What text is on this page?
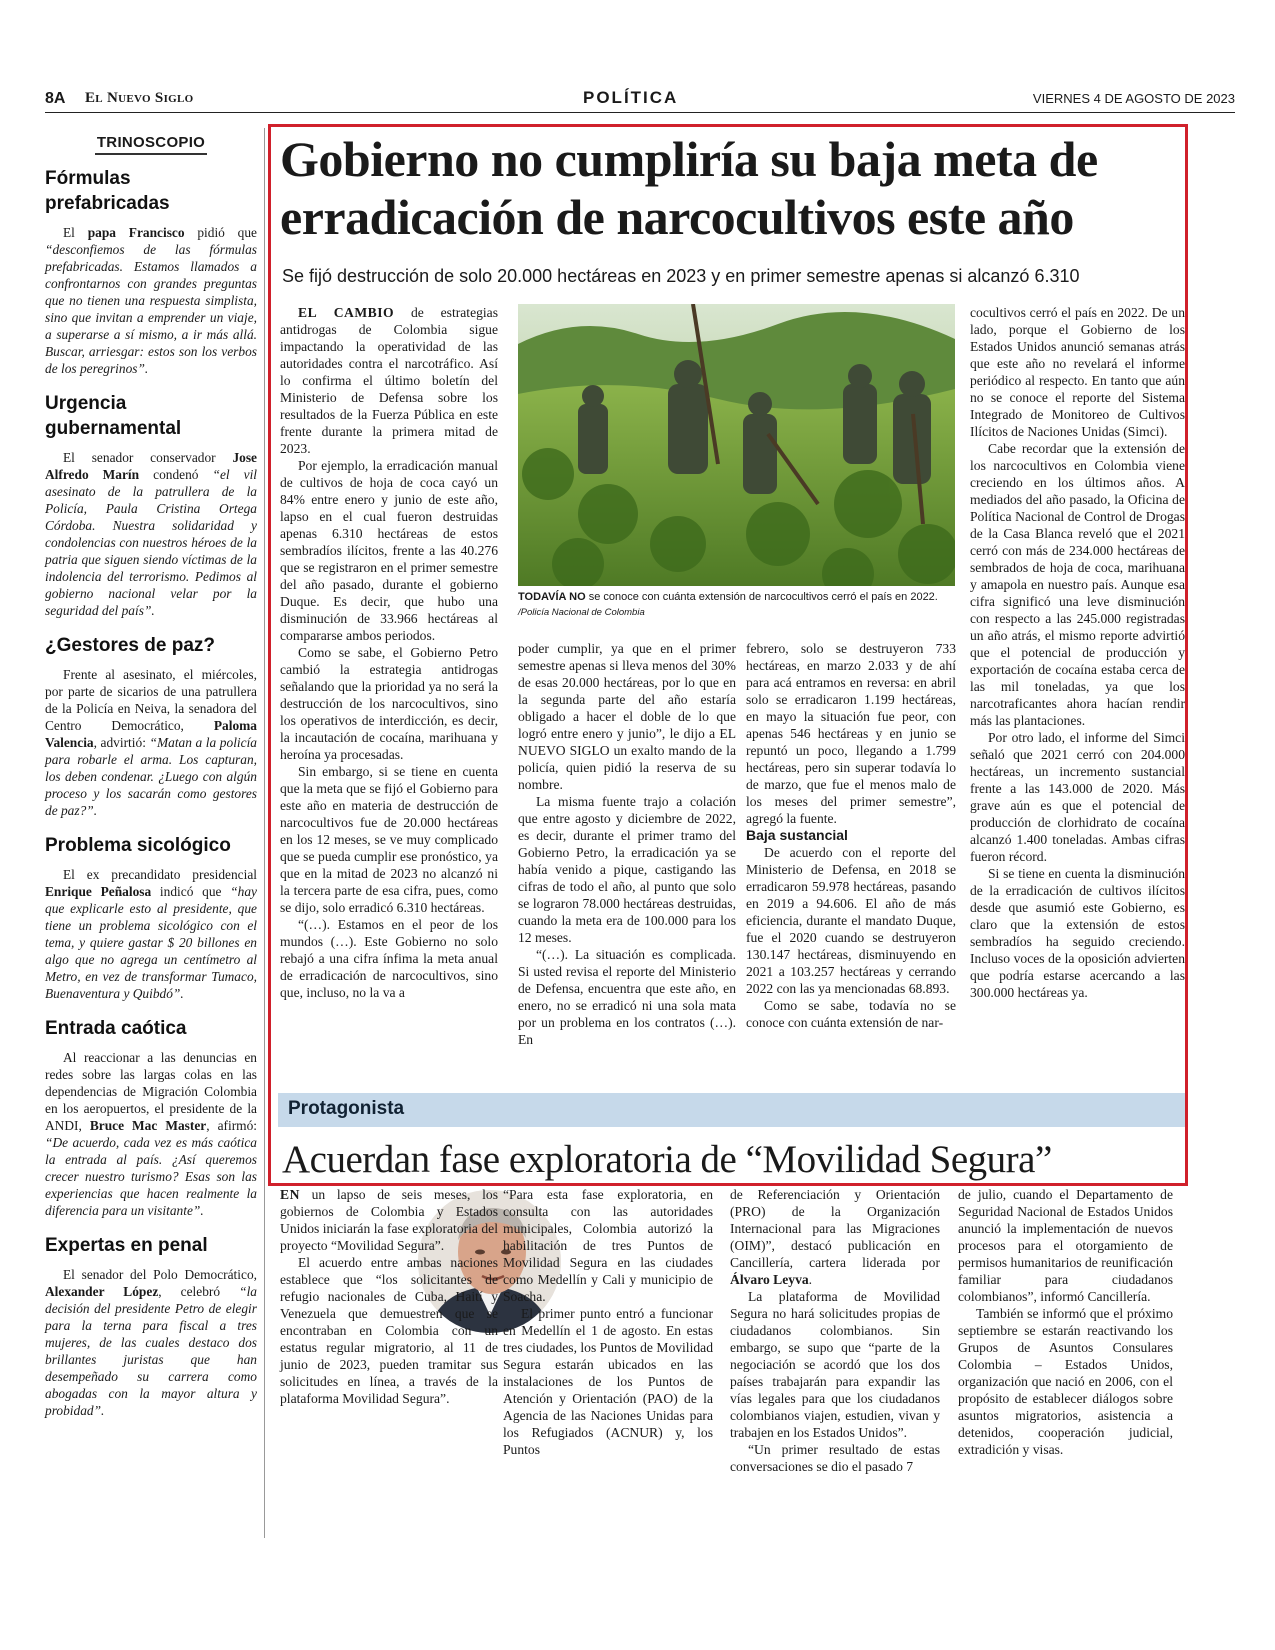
8A El Nuevo Siglo	POLÍTICA	VIERNES 4 DE AGOSTO DE 2023
TRINOSCOPIO
Fórmulas prefabricadas

El papa Francisco pidió que “desconfiemos de las fórmulas prefabricadas. Estamos llamados a confrontarnos con grandes preguntas que no tienen una respuesta simplista, sino que invitan a emprender un viaje, a superarse a sí mismo, a ir más allá. Buscar, arriesgar: estos son los verbos de los peregrinos”.

Urgencia gubernamental

El senador conservador Jose Alfredo Marín condenó “el vil asesinato de la patrullera de la Policía, Paula Cristina Ortega Córdoba. Nuestra solidaridad y condolencias con nuestros héroes de la patria que siguen siendo víctimas de la indolencia del terrorismo. Pedimos al gobierno nacional velar por la seguridad del país”.

¿Gestores de paz?

Frente al asesinato, el miércoles, por parte de sicarios de una patrullera de la Policía en Neiva, la senadora del Centro Democrático, Paloma Valencia, advirtió: “Matan a la policía para robarle el arma. Los capturan, los deben condenar. ¿Luego con algún proceso y los sacarán como gestores de paz?”.

Problema sicológico

El ex precandidato presidencial Enrique Peñalosa indicó que “hay que explicarle esto al presidente, que tiene un problema sicológico con el tema, y quiere gastar $ 20 billones en algo que no agrega un centímetro al Metro, en vez de transformar Tumaco, Buenaventura y Quibdó”.

Entrada caótica

Al reaccionar a las denuncias en redes sobre las largas colas en las dependencias de Migración Colombia en los aeropuertos, el presidente de la ANDI, Bruce Mac Master, afirmó: “De acuerdo, cada vez es más caótica la entrada al país. ¿Así queremos crecer nuestro turismo? Esas son las experiencias que hacen realmente la diferencia para un visitante”.

Expertas en penal

El senador del Polo Democrático, Alexander López, celebró “la decisión del presidente Petro de elegir para la terna para fiscal a tres mujeres, de las cuales destaco dos brillantes juristas que han desempeñado su carrera como abogadas con la mayor altura y probidad”.

Gobierno no cumpliría su baja meta de
erradicación de narcocultivos este año
Se fijó destrucción de solo 20.000 hectáreas en 2023 y en primer semestre apenas si alcanzó 6.310

EL CAMBIO de estrategias antidrogas de Colombia sigue impactando la operatividad de las autoridades contra el narcotráfico. Así lo confirma el último boletín del Ministerio de Defensa sobre los resultados de la Fuerza Pública en este frente durante la primera mitad de 2023.

Por ejemplo, la erradicación manual de cultivos de hoja de coca cayó un 84% entre enero y junio de este año, lapso en el cual fueron destruidas apenas 6.310 hectáreas de estos sembradíos ilícitos, frente a las 40.276 que se registraron en el primer semestre del año pasado, durante el gobierno Duque. Es decir, que hubo una disminución de 33.966 hectáreas al compararse ambos periodos.

Como se sabe, el Gobierno Petro cambió la estrategia antidrogas señalando que la prioridad ya no será la destrucción de los narcocultivos, sino los operativos de interdicción, es decir, la incautación de cocaína, marihuana y heroína ya procesadas.

Sin embargo, si se tiene en cuenta que la meta que se fijó el Gobierno para este año en materia de destrucción de narcocultivos fue de 20.000 hectáreas en los 12 meses, se ve muy complicado que se pueda cumplir ese pronóstico, ya que en la mitad de 2023 no alcanzó ni la tercera parte de esa cifra, pues, como se dijo, solo erradicó 6.310 hectáreas.

“(…). Estamos en el peor de los mundos (…). Este Gobierno no solo rebajó a una cifra ínfima la meta anual de erradicación de narcocultivos, sino que, incluso, no la va a

TODAVÍA NO se conoce con cuánta extensión de narcocultivos cerró el país en 2022. /Policía Nacional de Colombia

poder cumplir, ya que en el primer semestre apenas si lleva menos del 30% de esas 20.000 hectáreas, por lo que en la segunda parte del año estaría obligado a hacer el doble de lo que logró entre enero y junio”, le dijo a EL NUEVO SIGLO un exalto mando de la policía, quien pidió la reserva de su nombre.

La misma fuente trajo a colación que entre agosto y diciembre de 2022, es decir, durante el primer tramo del Gobierno Petro, la erradicación ya se había venido a pique, castigando las cifras de todo el año, al punto que solo se lograron 78.000 hectáreas destruidas, cuando la meta era de 100.000 para los 12 meses.

“(…). La situación es complicada. Si usted revisa el reporte del Ministerio de Defensa, encuentra que este año, en enero, no se erradicó ni una sola mata por un problema en los contratos (…). En

febrero, solo se destruyeron 733 hectáreas, en marzo 2.033 y de ahí para acá entramos en reversa: en abril solo se erradicaron 1.199 hectáreas, en mayo la situación fue peor, con apenas 546 hectáreas y en junio se repuntó un poco, llegando a 1.799 hectáreas, pero sin superar todavía lo de marzo, que fue el menos malo de los meses del primer semestre”, agregó la fuente.

Baja sustancial

De acuerdo con el reporte del Ministerio de Defensa, en 2018 se erradicaron 59.978 hectáreas, pasando en 2019 a 94.606. El año de más eficiencia, durante el mandato Duque, fue el 2020 cuando se destruyeron 130.147 hectáreas, disminuyendo en 2021 a 103.257 hectáreas y cerrando 2022 con las ya mencionadas 68.893.

Como se sabe, todavía no se conoce con cuánta extensión de nar-

cocultivos cerró el país en 2022. De un lado, porque el Gobierno de los Estados Unidos anunció semanas atrás que este año no revelará el informe periódico al respecto. En tanto que aún no se conoce el reporte del Sistema Integrado de Monitoreo de Cultivos Ilícitos de Naciones Unidas (Simci).

Cabe recordar que la extensión de los narcocultivos en Colombia viene creciendo en los últimos años. A mediados del año pasado, la Oficina de Política Nacional de Control de Drogas de la Casa Blanca reveló que el 2021 cerró con más de 234.000 hectáreas de sembrados de hoja de coca, marihuana y amapola en nuestro país. Aunque esa cifra significó una leve disminución con respecto a las 245.000 registradas un año atrás, el mismo reporte advirtió que el potencial de producción y exportación de cocaína estaba cerca de las mil toneladas, ya que los narcotraficantes ahora hacían rendir más las plantaciones.

Por otro lado, el informe del Simci señaló que 2021 cerró con 204.000 hectáreas, un incremento sustancial frente a las 143.000 de 2020. Más grave aún es que el potencial de producción de clorhidrato de cocaína alcanzó 1.400 toneladas. Ambas cifras fueron récord.

Si se tiene en cuenta la disminución de la erradicación de cultivos ilícitos desde que asumió este Gobierno, es claro que la extensión de estos sembradíos ha seguido creciendo. Incluso voces de la oposición advierten que podría estarse acercando a las 300.000 hectáreas ya.

Protagonista
Acuerdan fase exploratoria de “Movilidad Segura”

EN un lapso de seis meses, los gobiernos de Colombia y Estados Unidos iniciarán la fase exploratoria del proyecto “Movilidad Segura”.

El acuerdo entre ambas naciones establece que “los solicitantes de refugio nacionales de Cuba, Haití y Venezuela que demuestren que se encontraban en Colombia con un estatus regular migratorio, al 11 de junio de 2023, pueden tramitar sus solicitudes en línea, a través de la plataforma Movilidad Segura”.

“Para esta fase exploratoria, en consulta con las autoridades municipales, Colombia autorizó la habilitación de tres Puntos de Movilidad Segura en las ciudades como Medellín y Cali y municipio de Soacha.

El primer punto entró a funcionar en Medellín el 1 de agosto. En estas tres ciudades, los Puntos de Movilidad Segura estarán ubicados en las instalaciones de los Puntos de Atención y Orientación (PAO) de la Agencia de las Naciones Unidas para los Refugiados (ACNUR) y, los Puntos

de Referenciación y Orientación (PRO) de la Organización Internacional para las Migraciones (OIM)”, destacó publicación en Cancillería, cartera liderada por Álvaro Leyva.

La plataforma de Movilidad Segura no hará solicitudes propias de ciudadanos colombianos. Sin embargo, se supo que “parte de la negociación se acordó que los dos países trabajarán para expandir las vías legales para que los ciudadanos colombianos viajen, estudien, vivan y trabajen en los Estados Unidos”.

“Un primer resultado de estas conversaciones se dio el pasado 7

de julio, cuando el Departamento de Seguridad Nacional de Estados Unidos anunció la implementación de nuevos procesos para el otorgamiento de permisos humanitarios de reunificación familiar para ciudadanos colombianos”, informó Cancillería.

También se informó que el próximo septiembre se estarán reactivando los Grupos de Asuntos Consulares Colombia – Estados Unidos, organización que nació en 2006, con el propósito de establecer diálogos sobre asuntos migratorios, asistencia a detenidos, cooperación judicial, extradición y visas.
